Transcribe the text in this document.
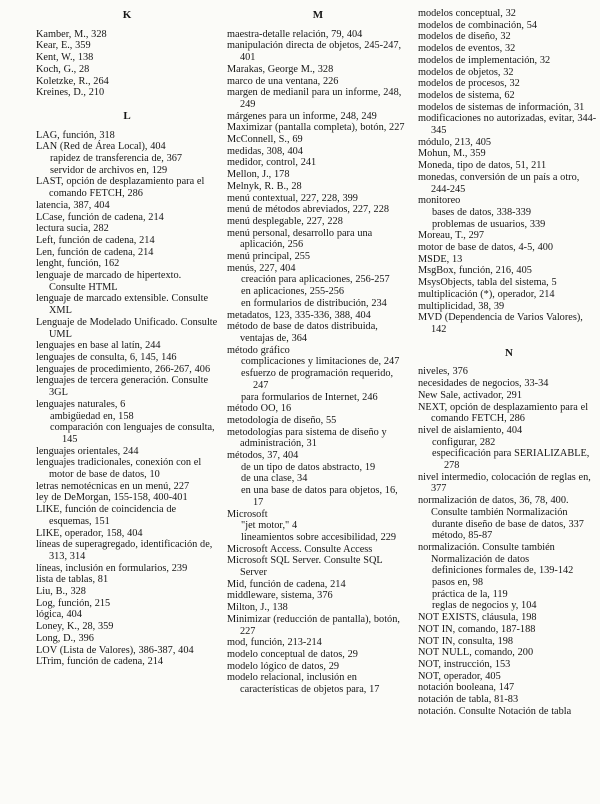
K
Kamber, M., 328
Kear, E., 359
Kent, W., 138
Koch, G., 28
Koletzke, R., 264
Kreines, D., 210
L
LAG, función, 318
LAN (Red de Área Local), 404
rapidez de transferencia de, 367
servidor de archivos en, 129
LAST, opción de desplazamiento para el comando FETCH, 286
latencia, 387, 404
LCase, función de cadena, 214
lectura sucia, 282
Left, función de cadena, 214
Len, función de cadena, 214
lenght, función, 162
lenguaje de marcado de hipertexto. Consulte HTML
lenguaje de marcado extensible. Consulte XML
Lenguaje de Modelado Unificado. Consulte UML
lenguajes en base al latín, 244
lenguajes de consulta, 6, 145, 146
lenguajes de procedimiento, 266-267, 406
lenguajes de tercera generación. Consulte 3GL
lenguajes naturales, 6
ambigüedad en, 158
comparación con lenguajes de consulta, 145
lenguajes orientales, 244
lenguajes tradicionales, conexión con el motor de base de datos, 10
letras nemotécnicas en un menú, 227
ley de DeMorgan, 155-158, 400-401
LIKE, función de coincidencia de esquemas, 151
LIKE, operador, 158, 404
líneas de superagregado, identificación de, 313, 314
líneas, inclusión en formularios, 239
lista de tablas, 81
Liu, B., 328
Log, función, 215
lógica, 404
Loney, K., 28, 359
Long, D., 396
LOV (Lista de Valores), 386-387, 404
LTrim, función de cadena, 214
M
maestra-detalle relación, 79, 404
manipulación directa de objetos, 245-247, 401
Marakas, George M., 328
marco de una ventana, 226
margen de medianil para un informe, 248, 249
márgenes para un informe, 248, 249
Maximizar (pantalla completa), botón, 227
McConnell, S., 69
medidas, 308, 404
medidor, control, 241
Mellon, J., 178
Melnyk, R. B., 28
menú contextual, 227, 228, 399
menú de métodos abreviados, 227, 228
menú desplegable, 227, 228
menú personal, desarrollo para una aplicación, 256
menú principal, 255
menús, 227, 404
creación para aplicaciones, 256-257
en aplicaciones, 255-256
en formularios de distribución, 234
metadatos, 123, 335-336, 388, 404
método de base de datos distribuida, ventajas de, 364
método gráfico
complicaciones y limitaciones de, 247
esfuerzo de programación requerido, 247
para formularios de Internet, 246
método OO, 16
metodología de diseño, 55
metodologías para sistema de diseño y administración, 31
métodos, 37, 404
de un tipo de datos abstracto, 19
de una clase, 34
en una base de datos para objetos, 16, 17
Microsoft
"jet motor," 4
lineamientos sobre accesibilidad, 229
Microsoft Access. Consulte Access
Microsoft SQL Server. Consulte SQL Server
Mid, función de cadena, 214
middleware, sistema, 376
Milton, J., 138
Minimizar (reducción de pantalla), botón, 227
mod, función, 213-214
modelo conceptual de datos, 29
modelo lógico de datos, 29
modelo relacional, inclusión en características de objetos para, 17
modelos conceptual, 32
modelos de combinación, 54
modelos de diseño, 32
modelos de eventos, 32
modelos de implementación, 32
modelos de objetos, 32
modelos de procesos, 32
modelos de sistema, 62
modelos de sistemas de información, 31
modificaciones no autorizadas, evitar, 344-345
módulo, 213, 405
Mohun, M., 359
Moneda, tipo de datos, 51, 211
monedas, conversión de un país a otro, 244-245
monitoreo
bases de datos, 338-339
problemas de usuarios, 339
Moreau, T., 297
motor de base de datos, 4-5, 400
MSDE, 13
MsgBox, función, 216, 405
MsysObjects, tabla del sistema, 5
multiplicación (*), operador, 214
multiplicidad, 38, 39
MVD (Dependencia de Varios Valores), 142
N
niveles, 376
necesidades de negocios, 33-34
New Sale, activador, 291
NEXT, opción de desplazamiento para el comando FETCH, 286
nivel de aislamiento, 404
configurar, 282
especificación para SERIALIZABLE, 278
nivel intermedio, colocación de reglas en, 377
normalización de datos, 36, 78, 400. Consulte también Normalización
durante diseño de base de datos, 337
método, 85-87
normalización. Consulte también Normalización de datos
definiciones formales de, 139-142
pasos en, 98
práctica de la, 119
reglas de negocios y, 104
NOT EXISTS, cláusula, 198
NOT IN, comando, 187-188
NOT IN, consulta, 198
NOT NULL, comando, 200
NOT, instrucción, 153
NOT, operador, 405
notación booleana, 147
notación de tabla, 81-83
notación. Consulte Notación de tabla
